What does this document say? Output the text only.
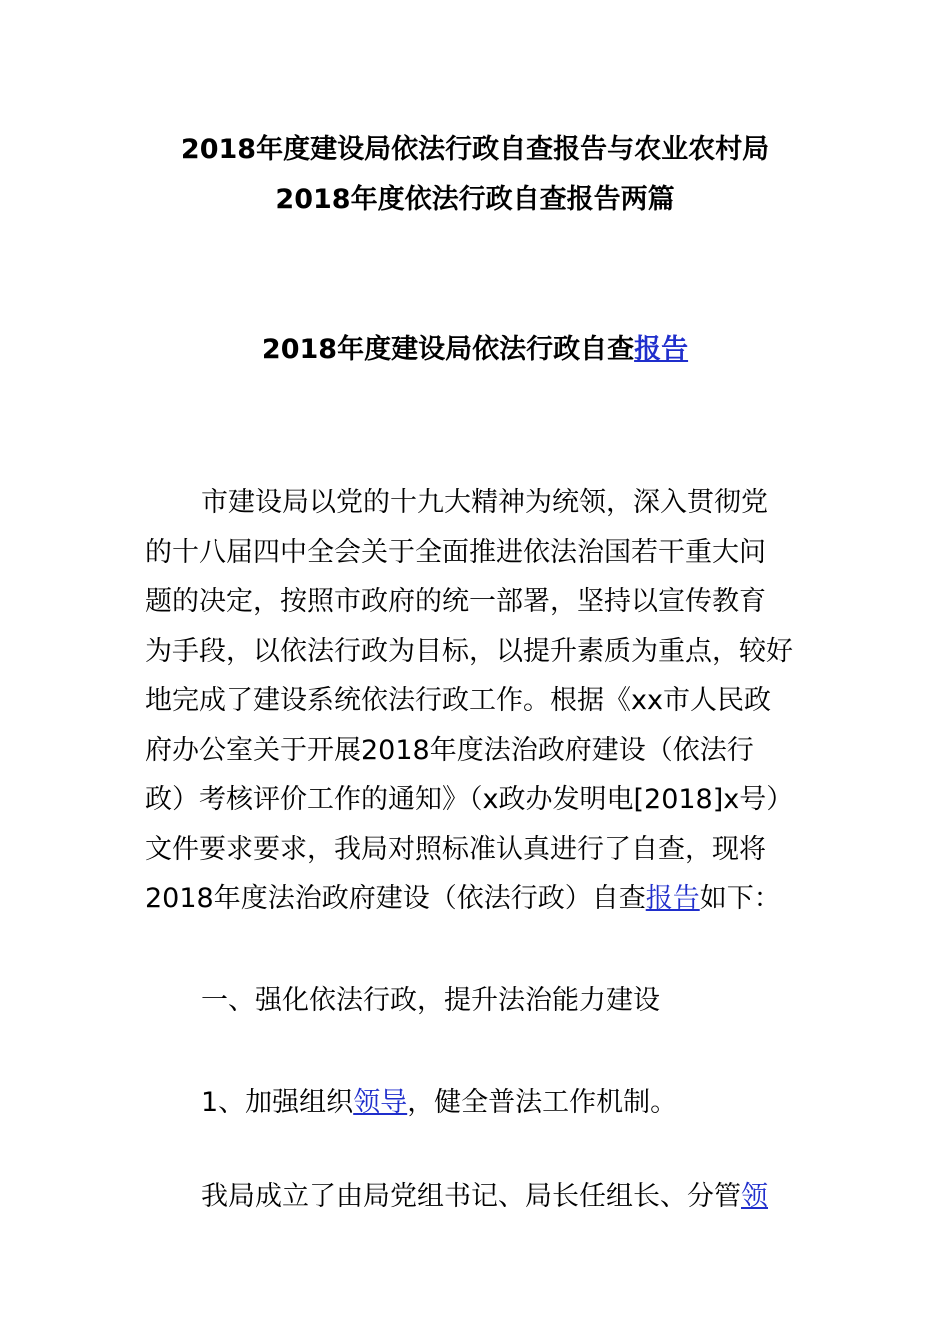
2018年度建设局依法行政自查报告与农业农村局
2018年度依法行政自查报告两篇
2018年度建设局依法行政自查报告
市建设局以党的十九大精神为统领，深入贯彻党
的十八届四中全会关于全面推进依法治国若干重大问
题的决定，按照市政府的统一部署，坚持以宣传教育
为手段，以依法行政为目标，以提升素质为重点，较好
地完成了建设系统依法行政工作。根据《xx市人民政
府办公室关于开展2018年度法治政府建设（依法行
政）考核评价工作的通知》（x政办发明电[2018]x号）
文件要求要求，我局对照标准认真进行了自查，现将
2018年度法治政府建设（依法行政）自查报告如下：
一、强化依法行政，提升法治能力建设
1、加强组织领导，健全普法工作机制。
我局成立了由局党组书记、局长任组长、分管领
